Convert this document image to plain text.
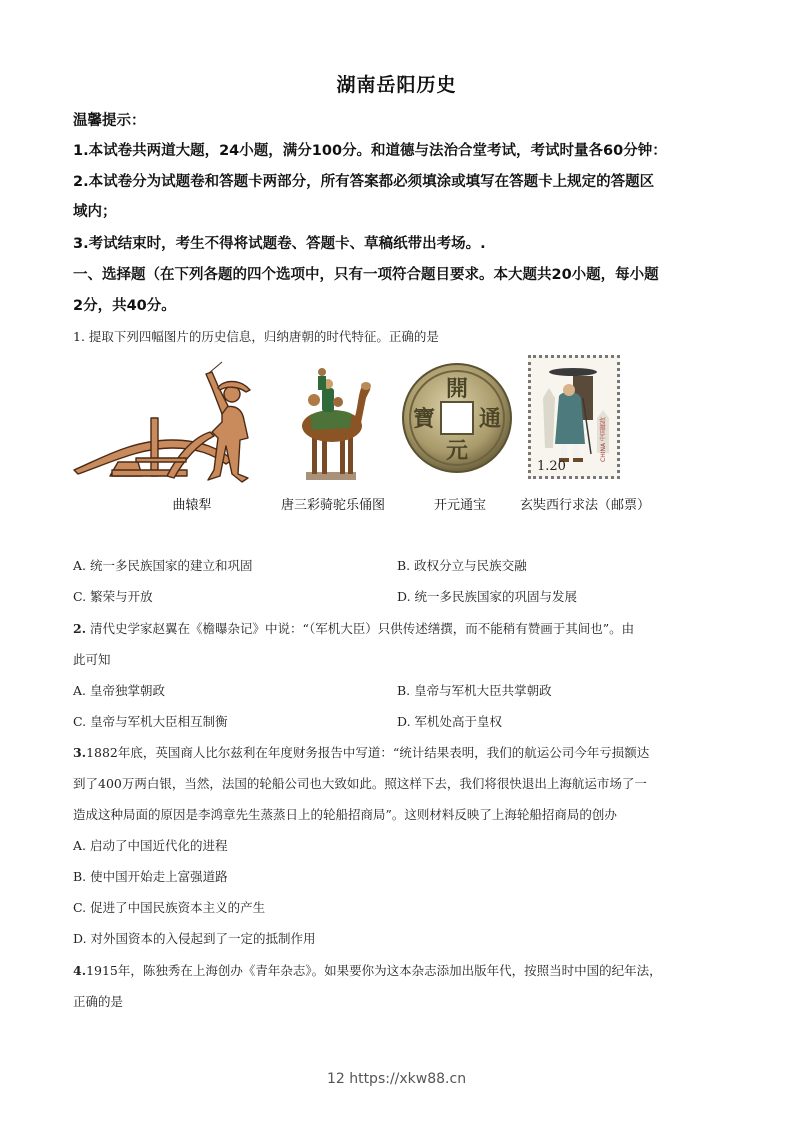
湖南岳阳历史
温馨提示：
1.本试卷共两道大题，24小题，满分100分。和道德与法治合堂考试，考试时量各60分钟：
2.本试卷分为试题卷和答题卡两部分，所有答案都必须填涂或填写在答题卡上规定的答题区
域内；
3.考试结束时，考生不得将试题卷、答题卡、草稿纸带出考场。.
一、选择题（在下列各题的四个选项中，只有一项符合题目要求。本大题共20小题，每小题
2分，共40分。
1. 提取下列四幅图片的历史信息，归纳唐朝的时代特征。正确的是
曲辕犁	唐三彩骑驼乐俑图
開
通
元
寶
开元通宝
1.20
CHINA 中国邮政
玄奘西行求法（邮票）
A. 统一多民族国家的建立和巩固	B. 政权分立与民族交融
C. 繁荣与开放	D. 统一多民族国家的巩固与发展
2. 清代史学家赵翼在《檐曝杂记》中说：“（军机大臣）只供传述缮撰，而不能稍有赞画于其间也”。由
此可知
A. 皇帝独掌朝政	B. 皇帝与军机大臣共掌朝政
C. 皇帝与军机大臣相互制衡	D. 军机处高于皇权
3.1882年底，英国商人比尔兹利在年度财务报告中写道：“统计结果表明，我们的航运公司今年亏损额达
到了400万两白银，当然，法国的轮船公司也大致如此。照这样下去，我们将很快退出上海航运市场了一
造成这种局面的原因是李鸿章先生蒸蒸日上的轮船招商局”。这则材料反映了上海轮船招商局的创办
A. 启动了中国近代化的进程
B. 使中国开始走上富强道路
C. 促进了中国民族资本主义的产生
D. 对外国资本的入侵起到了一定的抵制作用
4.1915年，陈独秀在上海创办《青年杂志》。如果要你为这本杂志添加出版年代，按照当时中国的纪年法，
正确的是
12 https://xkw88.cn
